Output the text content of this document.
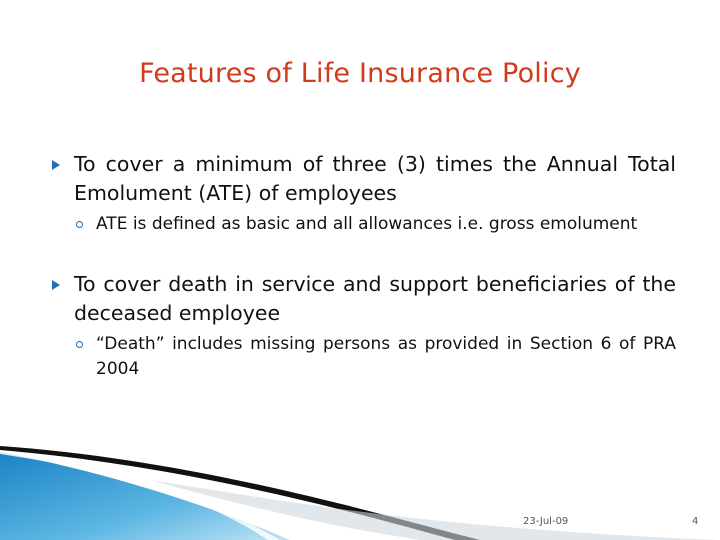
Features of Life Insurance Policy
To cover a minimum of three (3) times the Annual Total Emolument (ATE) of employees
ATE is defined as basic and all allowances i.e. gross emolument
To cover death in service and support beneficiaries of the deceased employee
“Death” includes missing persons as provided in Section 6 of PRA 2004
23-Jul-09	4
